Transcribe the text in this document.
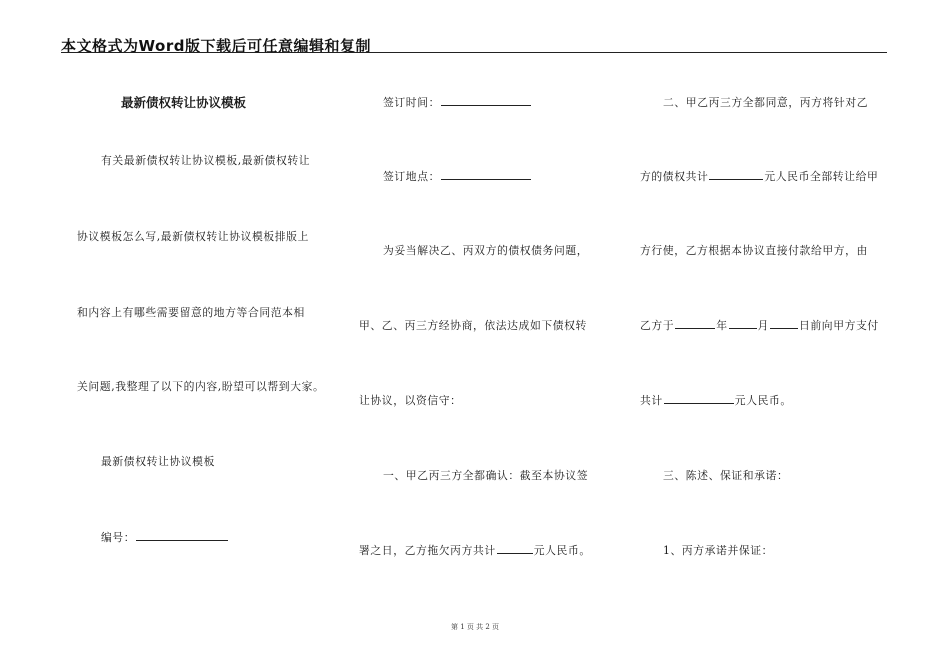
本文格式为Word版下载后可任意编辑和复制
最新债权转让协议模板
有关最新债权转让协议模板,最新债权转让
协议模板怎么写,最新债权转让协议模板排版上
和内容上有哪些需要留意的地方等合同范本相
关问题,我整理了以下的内容,盼望可以帮到大家。
最新债权转让协议模板
编号：
签订时间：
签订地点：
为妥当解决乙、丙双方的债权债务问题，
甲、乙、丙三方经协商，依法达成如下债权转
让协议，以资信守：
一、甲乙丙三方全都确认：截至本协议签
署之日，乙方拖欠丙方共计	元人民币。
二、甲乙丙三方全都同意，丙方将针对乙
方的债权共计	元人民币全部转让给甲
方行使，乙方根据本协议直接付款给甲方，由
乙方于	年	月	日前向甲方支付
共计	元人民币。
三、陈述、保证和承诺：
1、丙方承诺并保证：
第 1 页 共 2 页
